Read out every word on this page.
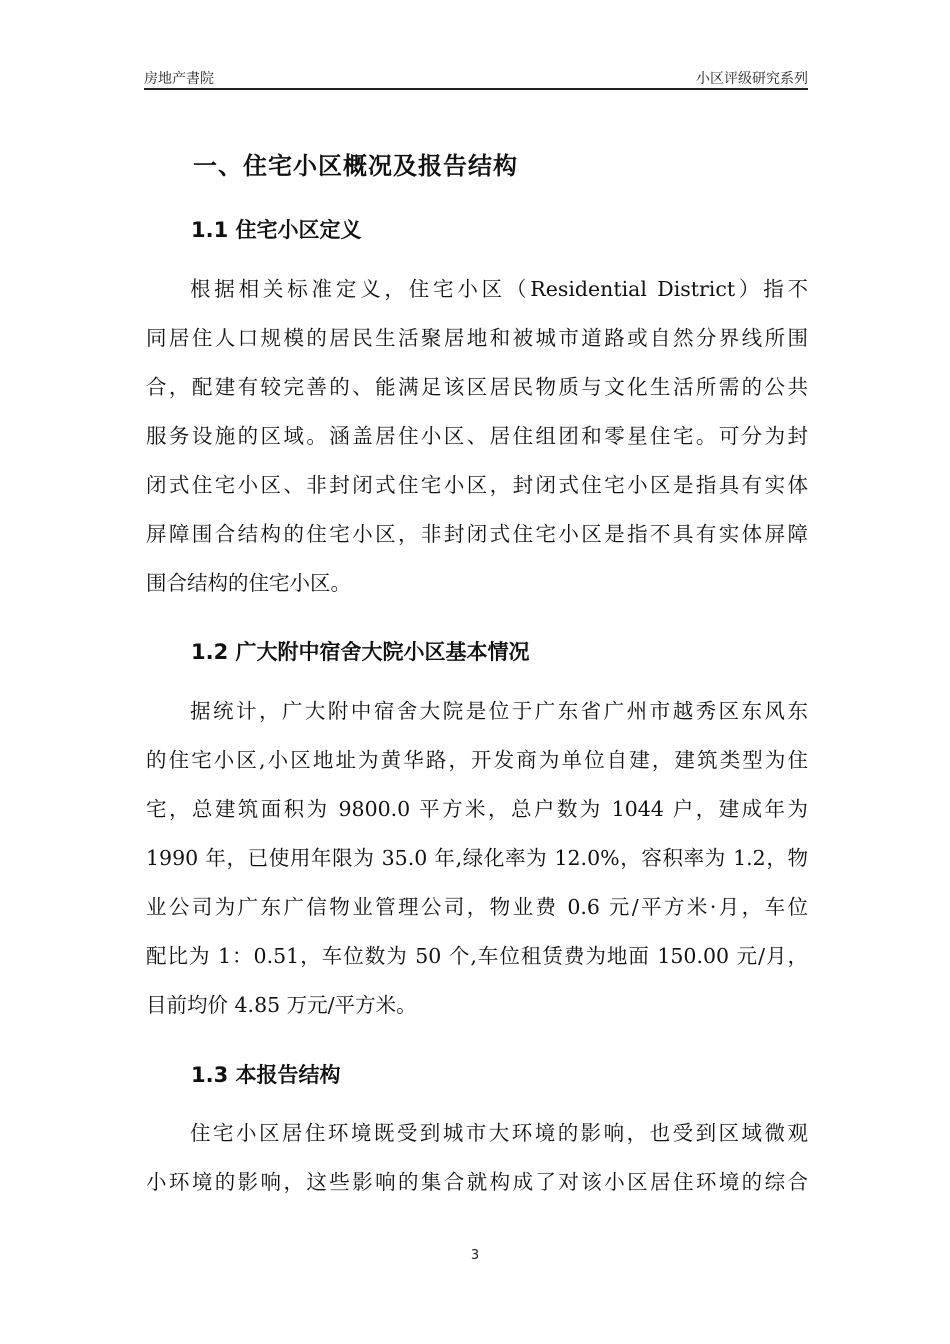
房地产書院	小区评级研究系列
一、住宅小区概况及报告结构
1.1 住宅小区定义
根据相关标准定义，住宅小区（Residential District）指不
同居住人口规模的居民生活聚居地和被城市道路或自然分界线所围
合，配建有较完善的、能满足该区居民物质与文化生活所需的公共
服务设施的区域。涵盖居住小区、居住组团和零星住宅。可分为封
闭式住宅小区、非封闭式住宅小区，封闭式住宅小区是指具有实体
屏障围合结构的住宅小区，非封闭式住宅小区是指不具有实体屏障
围合结构的住宅小区。
1.2 广大附中宿舍大院小区基本情况
据统计，广大附中宿舍大院是位于广东省广州市越秀区东风东
的住宅小区,小区地址为黄华路，开发商为单位自建，建筑类型为住
宅，总建筑面积为 9800.0 平方米，总户数为 1044 户，建成年为
1990 年，已使用年限为 35.0 年,绿化率为 12.0%，容积率为 1.2，物
业公司为广东广信物业管理公司，物业费 0.6 元/平方米·月，车位
配比为 1：0.51，车位数为 50 个,车位租赁费为地面 150.00 元/月，
目前均价 4.85 万元/平方米。
1.3 本报告结构
住宅小区居住环境既受到城市大环境的影响，也受到区域微观
小环境的影响，这些影响的集合就构成了对该小区居住环境的综合
3
